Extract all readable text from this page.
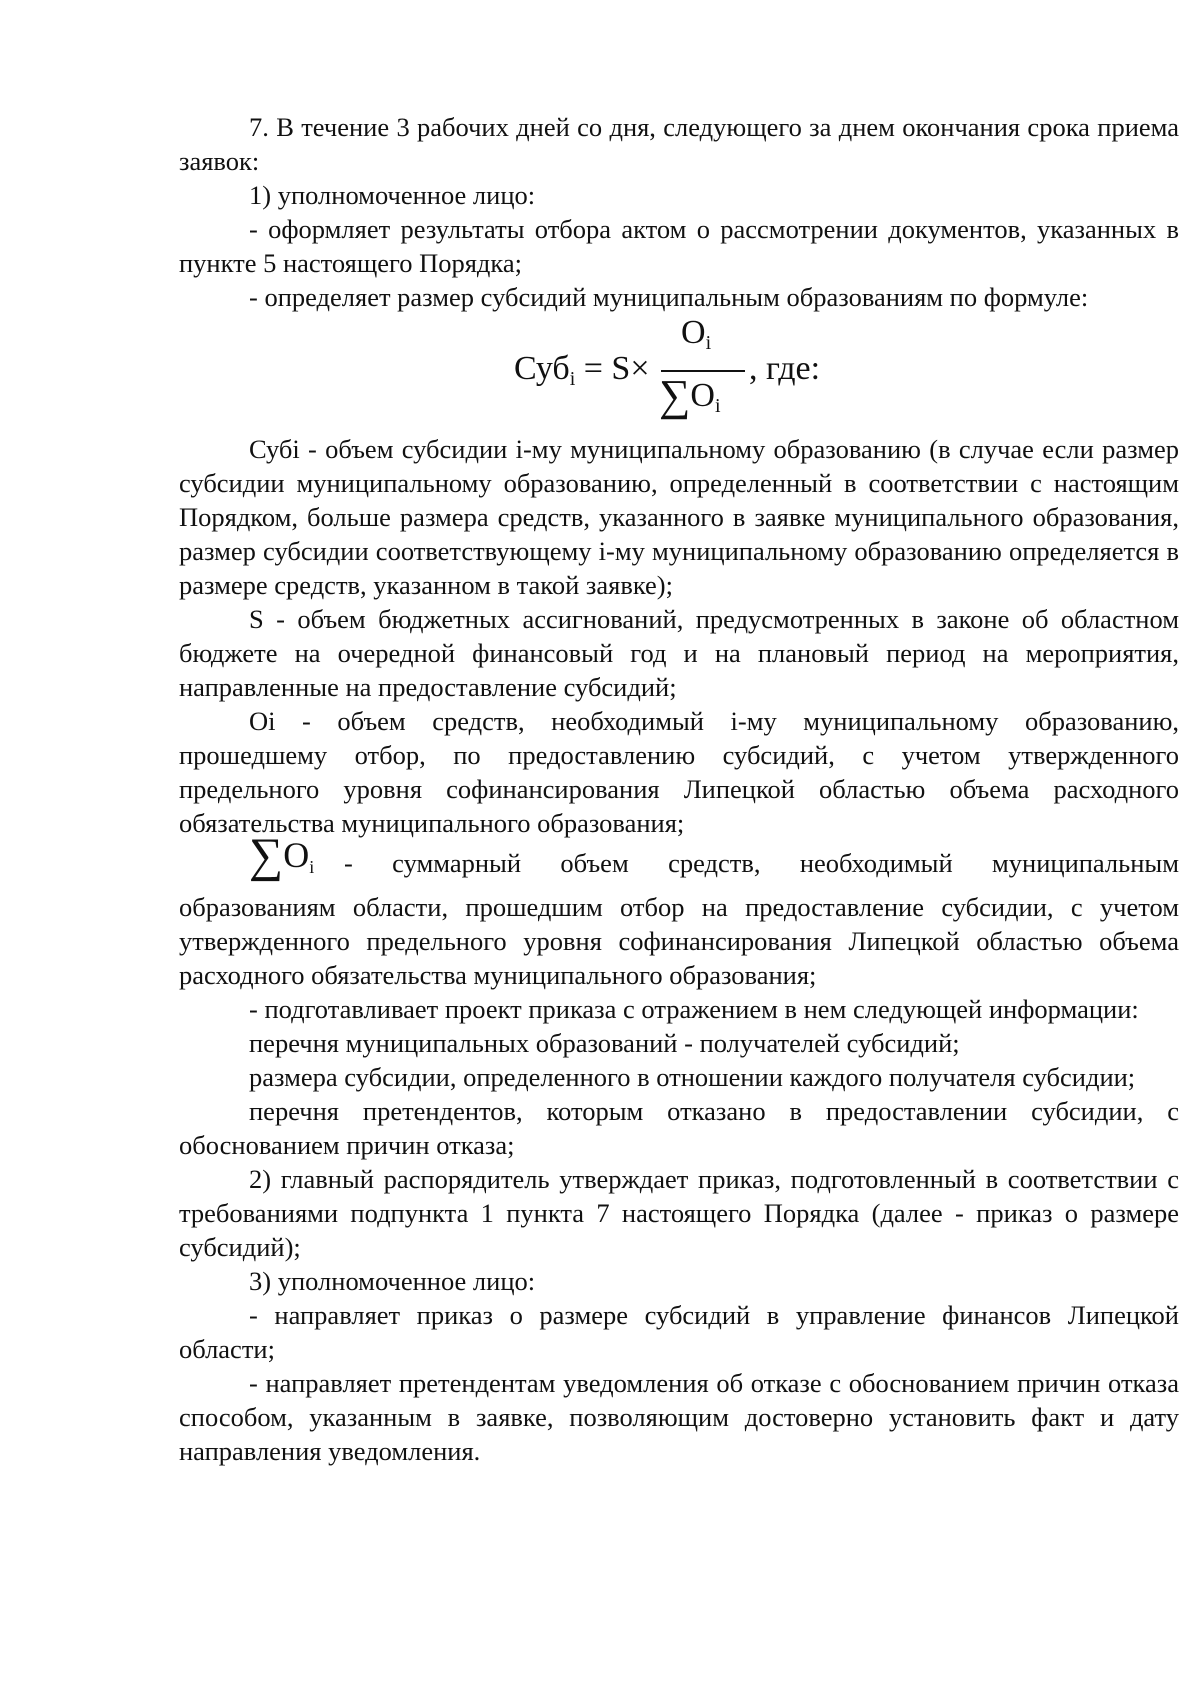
7. В течение 3 рабочих дней со дня, следующего за днем окончания срока приема заявок:

1) уполномоченное лицо:

- оформляет результаты отбора актом о рассмотрении документов, указанных в пункте 5 настоящего Порядка;

- определяет размер субсидий муниципальным образованиям по формуле:

Суб$_i$ = S×
$O_i$
$\sum O_i$
, где:

Субi - объем субсидии i-му муниципальному образованию (в случае если размер субсидии муниципальному образованию, определенный в соответствии с настоящим Порядком, больше размера средств, указанного в заявке муниципального образования, размер субсидии соответствующему i-му муниципальному образованию определяется в размере средств, указанном в такой заявке);

S - объем бюджетных ассигнований, предусмотренных в законе об областном бюджете на очередной финансовый год и на плановый период на мероприятия, направленные на предоставление субсидий;

Oi - объем средств, необходимый i-му муниципальному образованию, прошедшему отбор, по предоставлению субсидий, с учетом утвержденного предельного уровня софинансирования Липецкой областью объема расходного обязательства муниципального образования;

$\sum O_i$	- суммарный объем средств, необходимый муниципальным

образованиям области, прошедшим отбор на предоставление субсидии, с учетом утвержденного предельного уровня софинансирования Липецкой областью объема расходного обязательства муниципального образования;

- подготавливает проект приказа с отражением в нем следующей информации:

перечня муниципальных образований - получателей субсидий;

размера субсидии, определенного в отношении каждого получателя субсидии;

перечня претендентов, которым отказано в предоставлении субсидии, с обоснованием причин отказа;

2) главный распорядитель утверждает приказ, подготовленный в соответствии с требованиями подпункта 1 пункта 7 настоящего Порядка (далее - приказ о размере субсидий);

3) уполномоченное лицо:

- направляет приказ о размере субсидий в управление финансов Липецкой области;

- направляет претендентам уведомления об отказе с обоснованием причин отказа способом, указанным в заявке, позволяющим достоверно установить факт и дату направления уведомления.
